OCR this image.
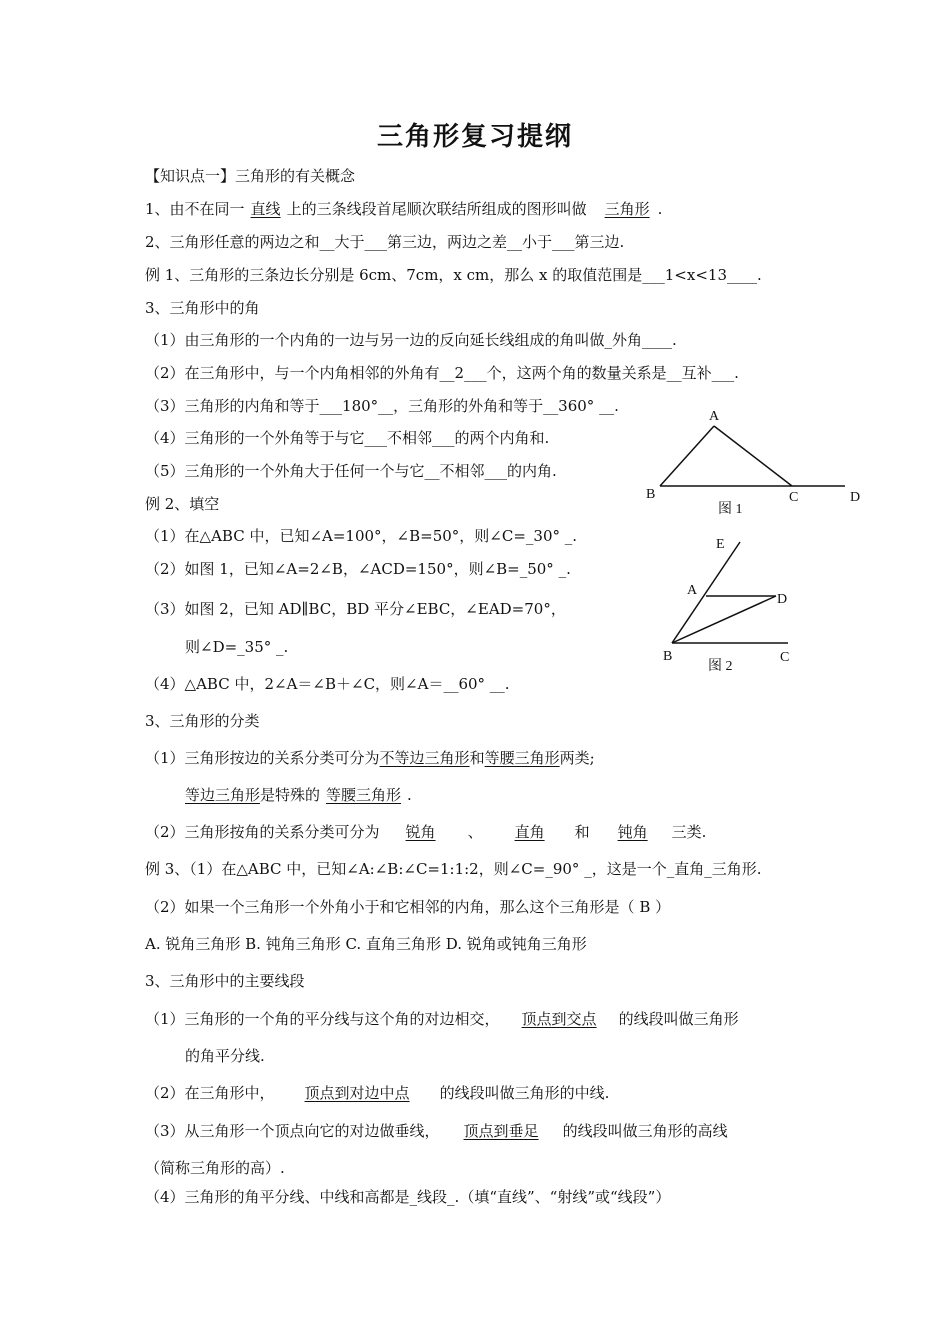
三角形复习提纲
【知识点一】三角形的有关概念
1、由不在同一 直线 上的三条线段首尾顺次联结所组成的图形叫做 三角形 .
2、三角形任意的两边之和__大于___第三边，两边之差__小于___第三边.
例 1、三角形的三条边长分别是 6cm、7cm，x cm，那么 x 的取值范围是___1<x<13____.
3、三角形中的角
（1）由三角形的一个内角的一边与另一边的反向延长线组成的角叫做_外角____.
（2）在三角形中，与一个内角相邻的外角有__2___个，这两个角的数量关系是__互补___.
（3）三角形的内角和等于___180°__，三角形的外角和等于__360° __.
（4）三角形的一个外角等于与它___不相邻___的两个内角和.
（5）三角形的一个外角大于任何一个与它__不相邻___的内角.
例 2、填空
（1）在△ABC 中，已知∠A=100°，∠B=50°，则∠C=_30° _.
（2）如图 1，已知∠A=2∠B，∠ACD=150°，则∠B=_50° _.
（3）如图 2，已知 AD∥BC，BD 平分∠EBC，∠EAD=70°，
则∠D=_35° _.
（4）△ABC 中，2∠A＝∠B＋∠C，则∠A＝__60° __.
3、三角形的分类
（1）三角形按边的关系分类可分为不等边三角形和等腰三角形两类;
等边三角形是特殊的 等腰三角形 .
（2）三角形按角的关系分类可分为 锐角 、 直角 和 钝角 三类.
例 3、（1）在△ABC 中，已知∠A:∠B:∠C=1:1:2，则∠C=_90° _，这是一个_直角_三角形.
（2）如果一个三角形一个外角小于和它相邻的内角，那么这个三角形是（ B ）
A. 锐角三角形 B. 钝角三角形 C. 直角三角形 D. 锐角或钝角三角形
3、三角形中的主要线段
（1）三角形的一个角的平分线与这个角的对边相交， 顶点到交点 的线段叫做三角形
的角平分线.
（2）在三角形中， 顶点到对边中点 的线段叫做三角形的中线.
（3）从三角形一个顶点向它的对边做垂线， 顶点到垂足 的线段叫做三角形的高线
（简称三角形的高）.
（4）三角形的角平分线、中线和高都是_线段_.（填“直线”、“射线”或“线段”）
A
B	C	D
图 1
E
A
D
B	C
图 2
